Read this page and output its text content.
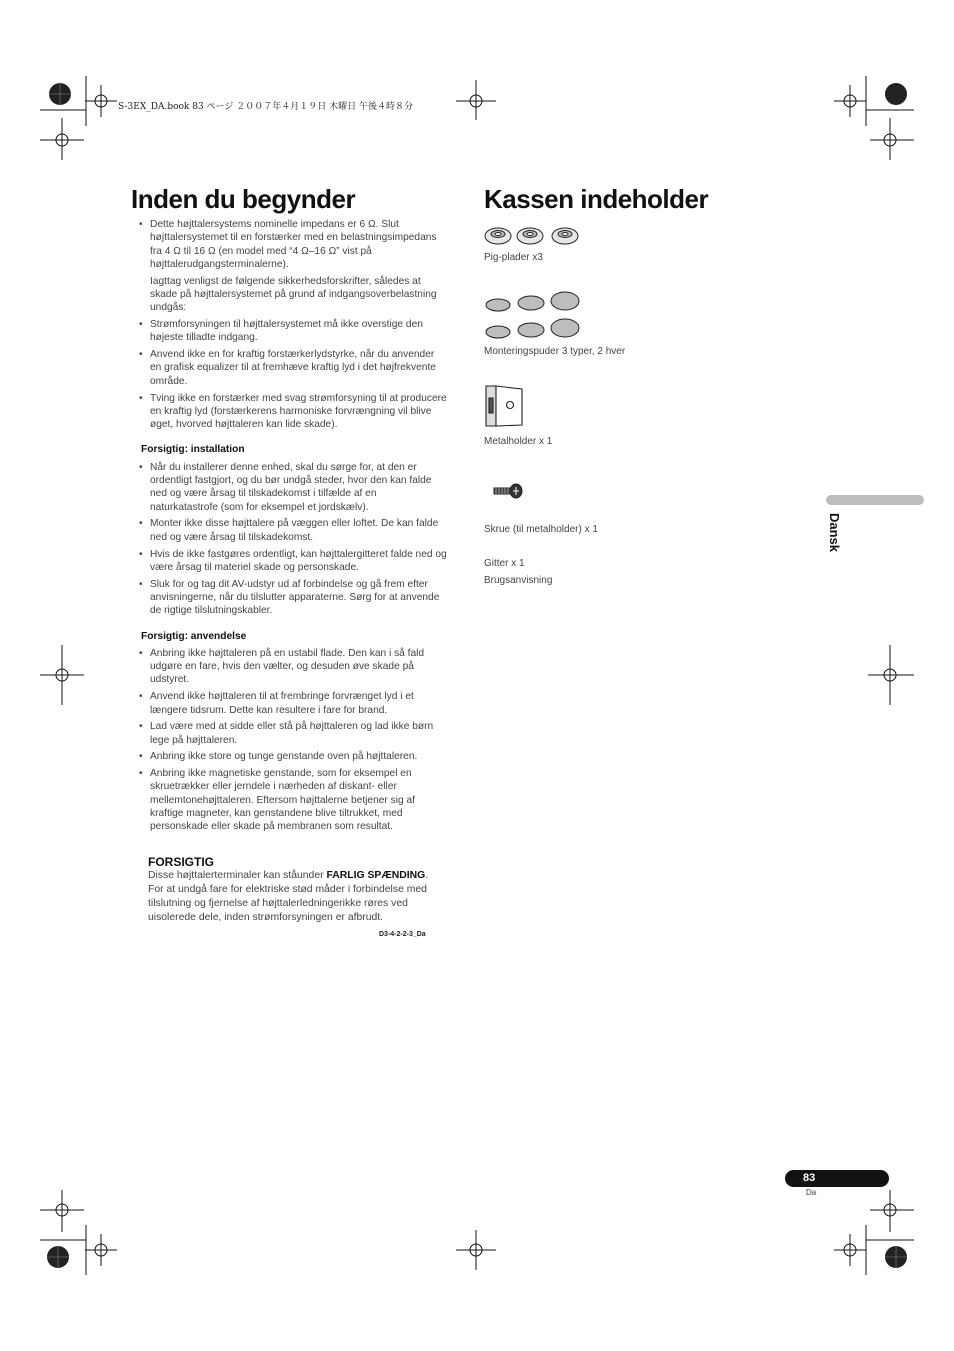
S-3EX_DA.book 83 ページ ２００７年４月１９日 木曜日 午後４時８分
Inden du begynder
• Dette højttalersystems nominelle impedans er 6 Ω. Slut højttalersystemet til en forstærker med en belastningsimpedans fra 4 Ω til 16 Ω (en model med “4 Ω–16 Ω” vist på højttalerudgangsterminalerne).

Iagttag venligst de følgende sikkerhedsforskrifter, således at skade på højttalersystemet på grund af indgangsoverbelastning undgås:

• Strømforsyningen til højttalersystemet må ikke overstige den højeste tilladte indgang.
• Anvend ikke en for kraftig forstærkerlydstyrke, når du anvender en grafisk equalizer til at fremhæve kraftig lyd i det højfrekvente område.
• Tving ikke en forstærker med svag strømforsyning til at producere en kraftig lyd (forstærkerens harmoniske forvrængning vil blive øget, hvorved højttaleren kan lide skade).
Forsigtig: installation
• Når du installerer denne enhed, skal du sørge for, at den er ordentligt fastgjort, og du bør undgå steder, hvor den kan falde ned og være årsag til tilskadekomst i tilfælde af en naturkatastrofe (som for eksempel et jordskælv).
• Monter ikke disse højttalere på væggen eller loftet. De kan falde ned og være årsag til tilskadekomst.
• Hvis de ikke fastgøres ordentligt, kan højttalergitteret falde ned og være årsag til materiel skade og personskade.
• Sluk for og tag dit AV-udstyr ud af forbindelse og gå frem efter anvisningerne, når du tilslutter apparaterne. Sørg for at anvende de rigtige tilslutningskabler.
Forsigtig: anvendelse
• Anbring ikke højttaleren på en ustabil flade. Den kan i så fald udgøre en fare, hvis den vælter, og desuden øve skade på udstyret.
• Anvend ikke højttaleren til at frembringe forvrænget lyd i et længere tidsrum. Dette kan resultere i fare for brand.
• Lad være med at sidde eller stå på højttaleren og lad ikke børn lege på højttaleren.
• Anbring ikke store og tunge genstande oven på højttaleren.
• Anbring ikke magnetiske genstande, som for eksempel en skruetrækker eller jerndele i nærheden af diskant- eller mellemtonehøjttaleren. Eftersom højttalerne betjener sig af kraftige magneter, kan genstandene blive tiltrukket, med personskade eller skade på membranen som resultat.

FORSIGTIG

Disse højttalerterminaler kan ståunder FARLIG SPÆNDING. For at undgå fare for elektriske stød måder i forbindelse med tilslutning og fjernelse af højttalerledningerikke røres ved uisolerede dele, inden strømforsyningen er afbrudt.

D3-4-2-2-3_Da
Kassen indeholder
Pig-plader x3
Monteringspuder 3 typer, 2 hver
Metalholder x 1
Skrue (til metalholder) x 1
Gitter x 1
Brugsanvisning
Dansk
83
Da
